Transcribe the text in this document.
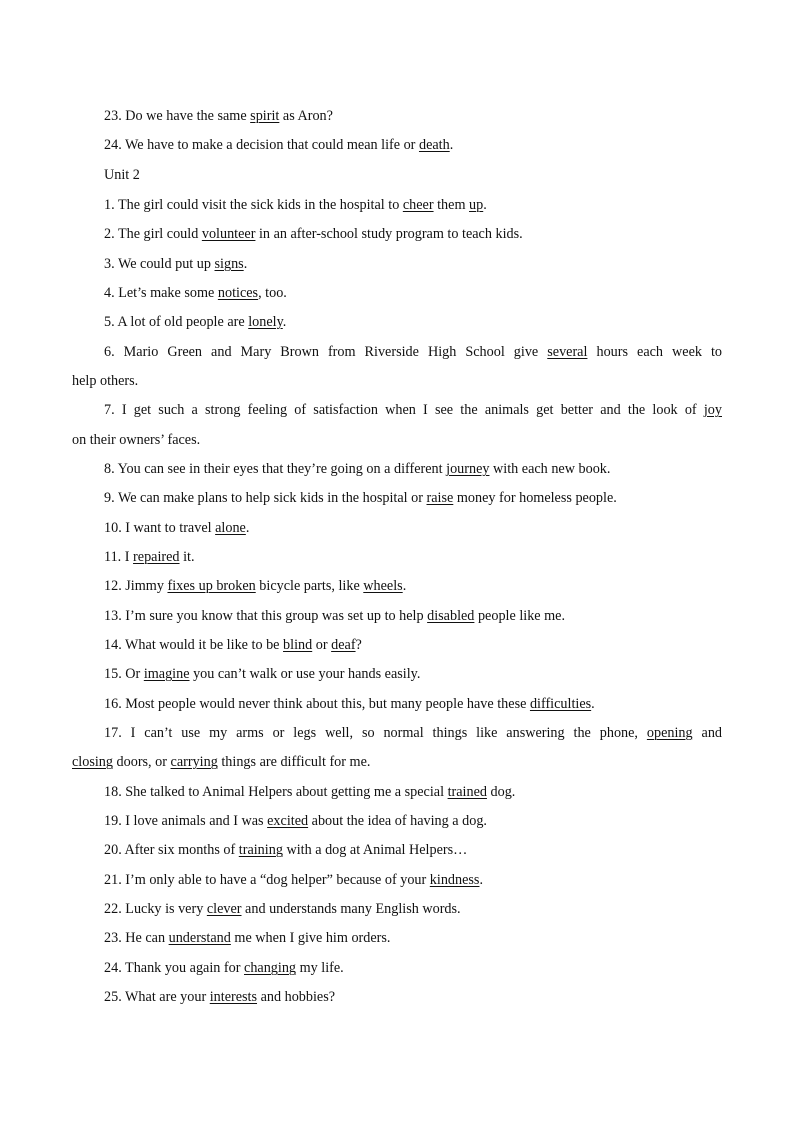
23. Do we have the same spirit as Aron?
24. We have to make a decision that could mean life or death.
Unit 2
1. The girl could visit the sick kids in the hospital to cheer them up.
2. The girl could volunteer in an after-school study program to teach kids.
3. We could put up signs.
4. Let’s make some notices, too.
5. A lot of old people are lonely.
6. Mario Green and Mary Brown from Riverside High School give several hours each week to
help others.
7. I get such a strong feeling of satisfaction when I see the animals get better and the look of joy
on their owners’ faces.
8. You can see in their eyes that they’re going on a different journey with each new book.
9. We can make plans to help sick kids in the hospital or raise money for homeless people.
10. I want to travel alone.
11. I repaired it.
12. Jimmy fixes up broken bicycle parts, like wheels.
13. I’m sure you know that this group was set up to help disabled people like me.
14. What would it be like to be blind or deaf?
15. Or imagine you can’t walk or use your hands easily.
16. Most people would never think about this, but many people have these difficulties.
17. I can’t use my arms or legs well, so normal things like answering the phone, opening and
closing doors, or carrying things are difficult for me.
18. She talked to Animal Helpers about getting me a special trained dog.
19. I love animals and I was excited about the idea of having a dog.
20. After six months of training with a dog at Animal Helpers…
21. I’m only able to have a “dog helper” because of your kindness.
22. Lucky is very clever and understands many English words.
23. He can understand me when I give him orders.
24. Thank you again for changing my life.
25. What are your interests and hobbies?
